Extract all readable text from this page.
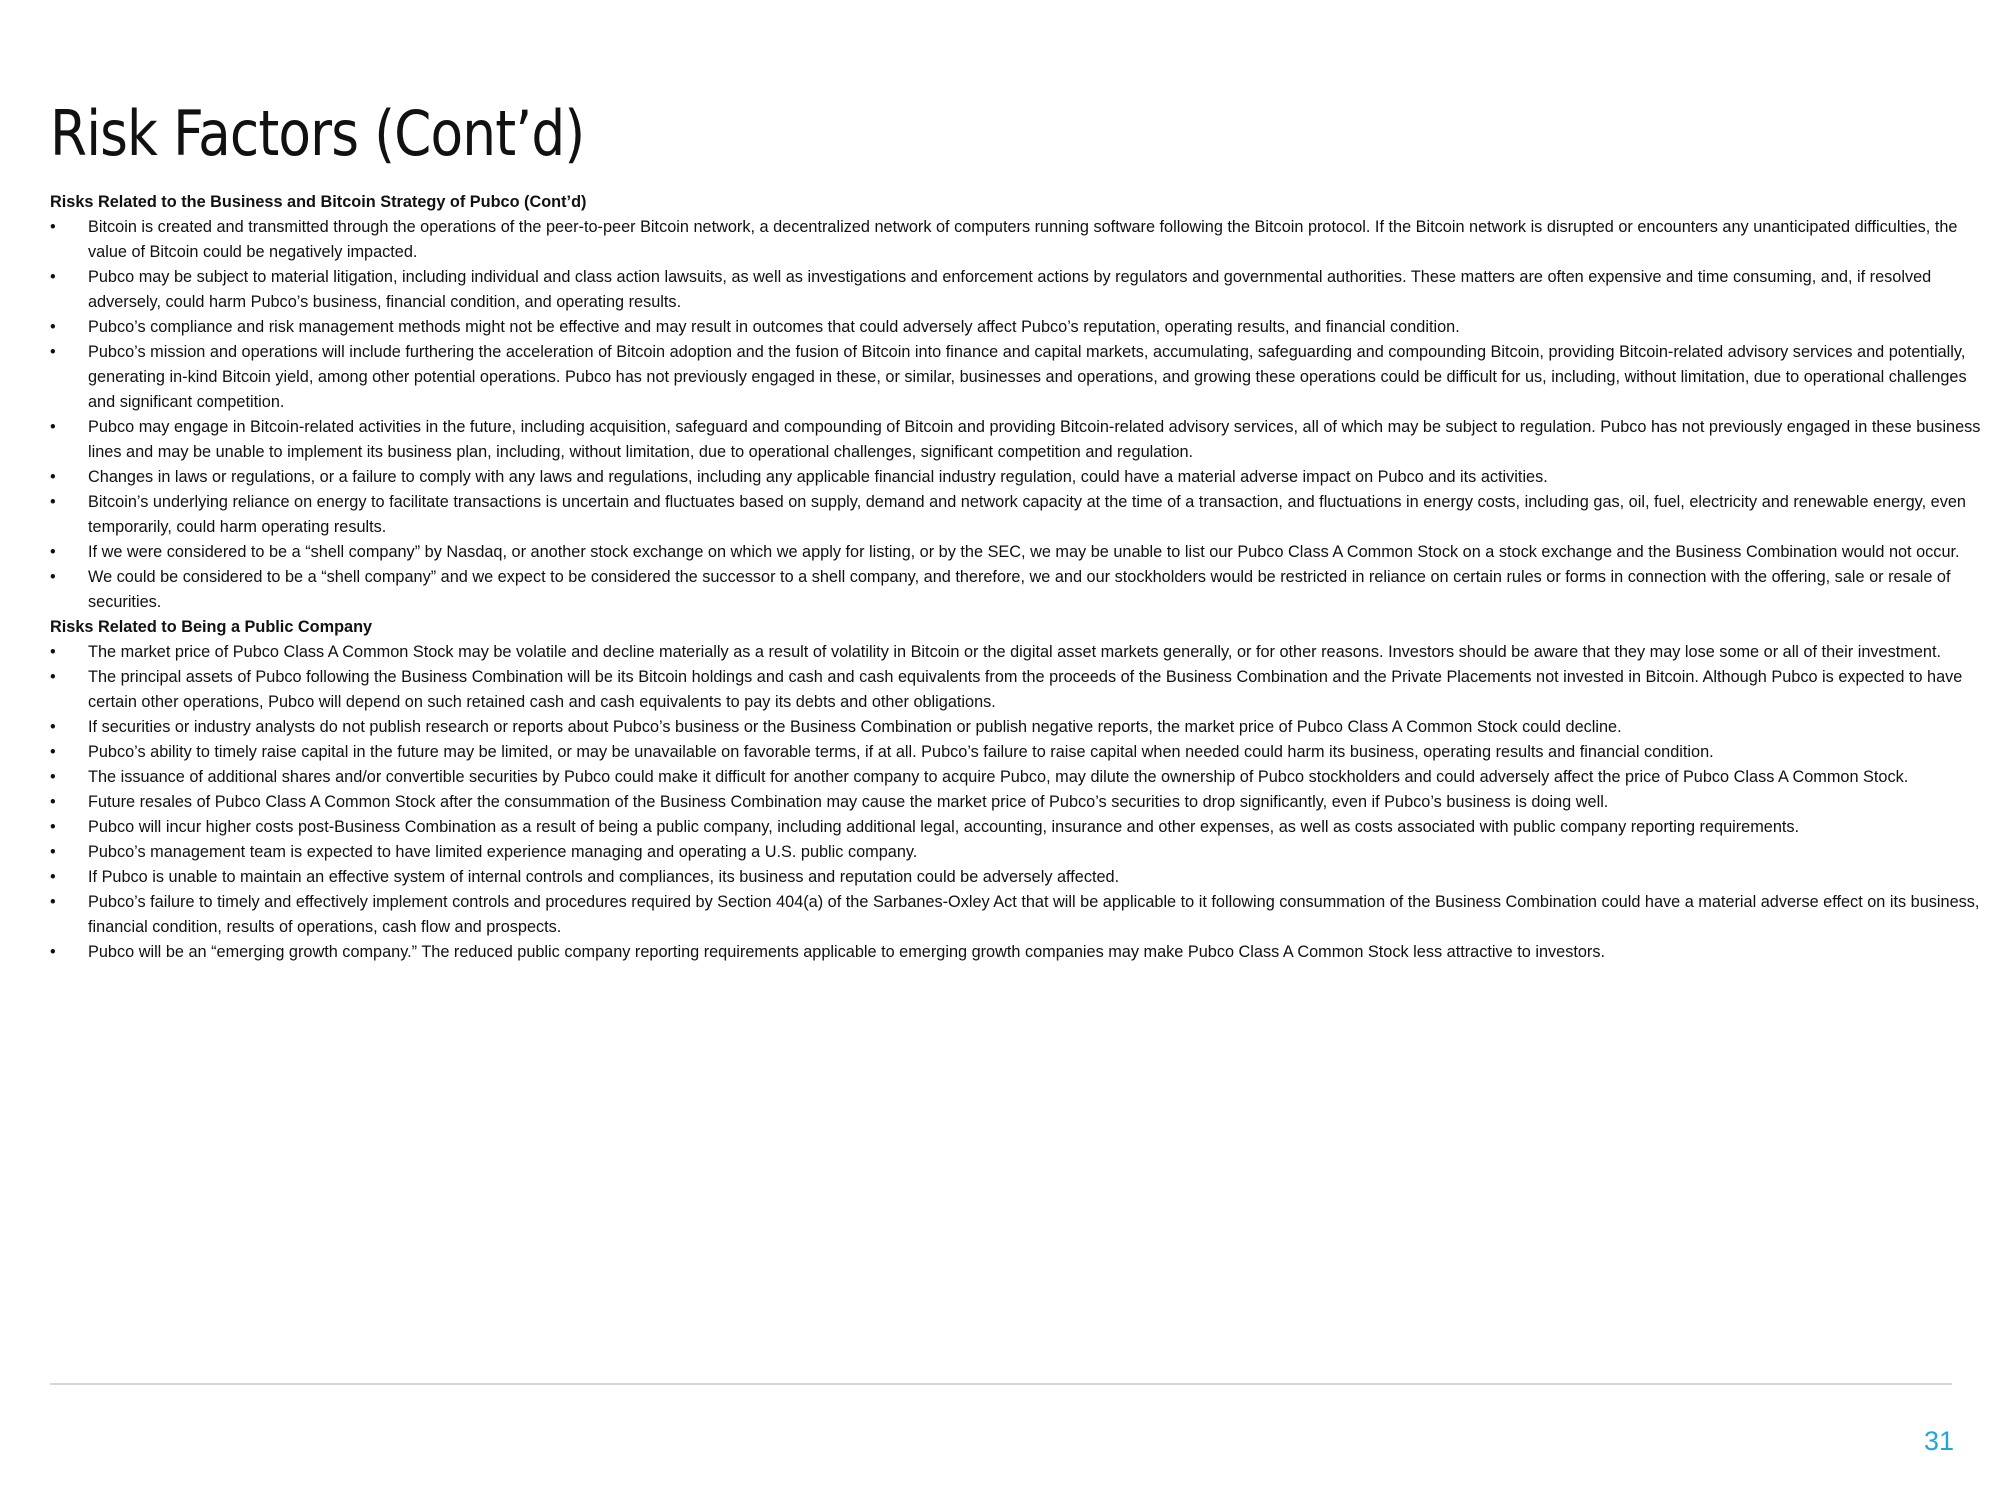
Risk Factors (Cont’d)

Risks Related to the Business and Bitcoin Strategy of Pubco (Cont’d)

•	Bitcoin is created and transmitted through the operations of the peer-to-peer Bitcoin network, a decentralized network of computers running software following the Bitcoin protocol. If the Bitcoin network is disrupted or encounters any unanticipated difficulties, the value of Bitcoin could be negatively impacted.
•	Pubco may be subject to material litigation, including individual and class action lawsuits, as well as investigations and enforcement actions by regulators and governmental authorities. These matters are often expensive and time consuming, and, if resolved adversely, could harm Pubco’s business, financial condition, and operating results.
•	Pubco’s compliance and risk management methods might not be effective and may result in outcomes that could adversely affect Pubco’s reputation, operating results, and financial condition.
•	Pubco’s mission and operations will include furthering the acceleration of Bitcoin adoption and the fusion of Bitcoin into finance and capital markets, accumulating, safeguarding and compounding Bitcoin, providing Bitcoin-related advisory services and potentially, generating in-kind Bitcoin yield, among other potential operations. Pubco has not previously engaged in these, or similar, businesses and operations, and growing these operations could be difficult for us, including, without limitation, due to operational challenges and significant competition.
•	Pubco may engage in Bitcoin-related activities in the future, including acquisition, safeguard and compounding of Bitcoin and providing Bitcoin-related advisory services, all of which may be subject to regulation. Pubco has not previously engaged in these business lines and may be unable to implement its business plan, including, without limitation, due to operational challenges, significant competition and regulation.
•	Changes in laws or regulations, or a failure to comply with any laws and regulations, including any applicable financial industry regulation, could have a material adverse impact on Pubco and its activities.
•	Bitcoin’s underlying reliance on energy to facilitate transactions is uncertain and fluctuates based on supply, demand and network capacity at the time of a transaction, and fluctuations in energy costs, including gas, oil, fuel, electricity and renewable energy, even temporarily, could harm operating results.
•	If we were considered to be a “shell company” by Nasdaq, or another stock exchange on which we apply for listing, or by the SEC, we may be unable to list our Pubco Class A Common Stock on a stock exchange and the Business Combination would not occur.
•	We could be considered to be a “shell company” and we expect to be considered the successor to a shell company, and therefore, we and our stockholders would be restricted in reliance on certain rules or forms in connection with the offering, sale or resale of securities.

Risks Related to Being a Public Company

•	The market price of Pubco Class A Common Stock may be volatile and decline materially as a result of volatility in Bitcoin or the digital asset markets generally, or for other reasons. Investors should be aware that they may lose some or all of their investment.
•	The principal assets of Pubco following the Business Combination will be its Bitcoin holdings and cash and cash equivalents from the proceeds of the Business Combination and the Private Placements not invested in Bitcoin. Although Pubco is expected to have certain other operations, Pubco will depend on such retained cash and cash equivalents to pay its debts and other obligations.
•	If securities or industry analysts do not publish research or reports about Pubco’s business or the Business Combination or publish negative reports, the market price of Pubco Class A Common Stock could decline.
•	Pubco’s ability to timely raise capital in the future may be limited, or may be unavailable on favorable terms, if at all. Pubco’s failure to raise capital when needed could harm its business, operating results and financial condition.
•	The issuance of additional shares and/or convertible securities by Pubco could make it difficult for another company to acquire Pubco, may dilute the ownership of Pubco stockholders and could adversely affect the price of Pubco Class A Common Stock.
•	Future resales of Pubco Class A Common Stock after the consummation of the Business Combination may cause the market price of Pubco’s securities to drop significantly, even if Pubco’s business is doing well.
•	Pubco will incur higher costs post-Business Combination as a result of being a public company, including additional legal, accounting, insurance and other expenses, as well as costs associated with public company reporting requirements.
•	Pubco’s management team is expected to have limited experience managing and operating a U.S. public company.
•	If Pubco is unable to maintain an effective system of internal controls and compliances, its business and reputation could be adversely affected.
•	Pubco’s failure to timely and effectively implement controls and procedures required by Section 404(a) of the Sarbanes-Oxley Act that will be applicable to it following consummation of the Business Combination could have a material adverse effect on its business, financial condition, results of operations, cash flow and prospects.
•	Pubco will be an “emerging growth company.” The reduced public company reporting requirements applicable to emerging growth companies may make Pubco Class A Common Stock less attractive to investors.
31
